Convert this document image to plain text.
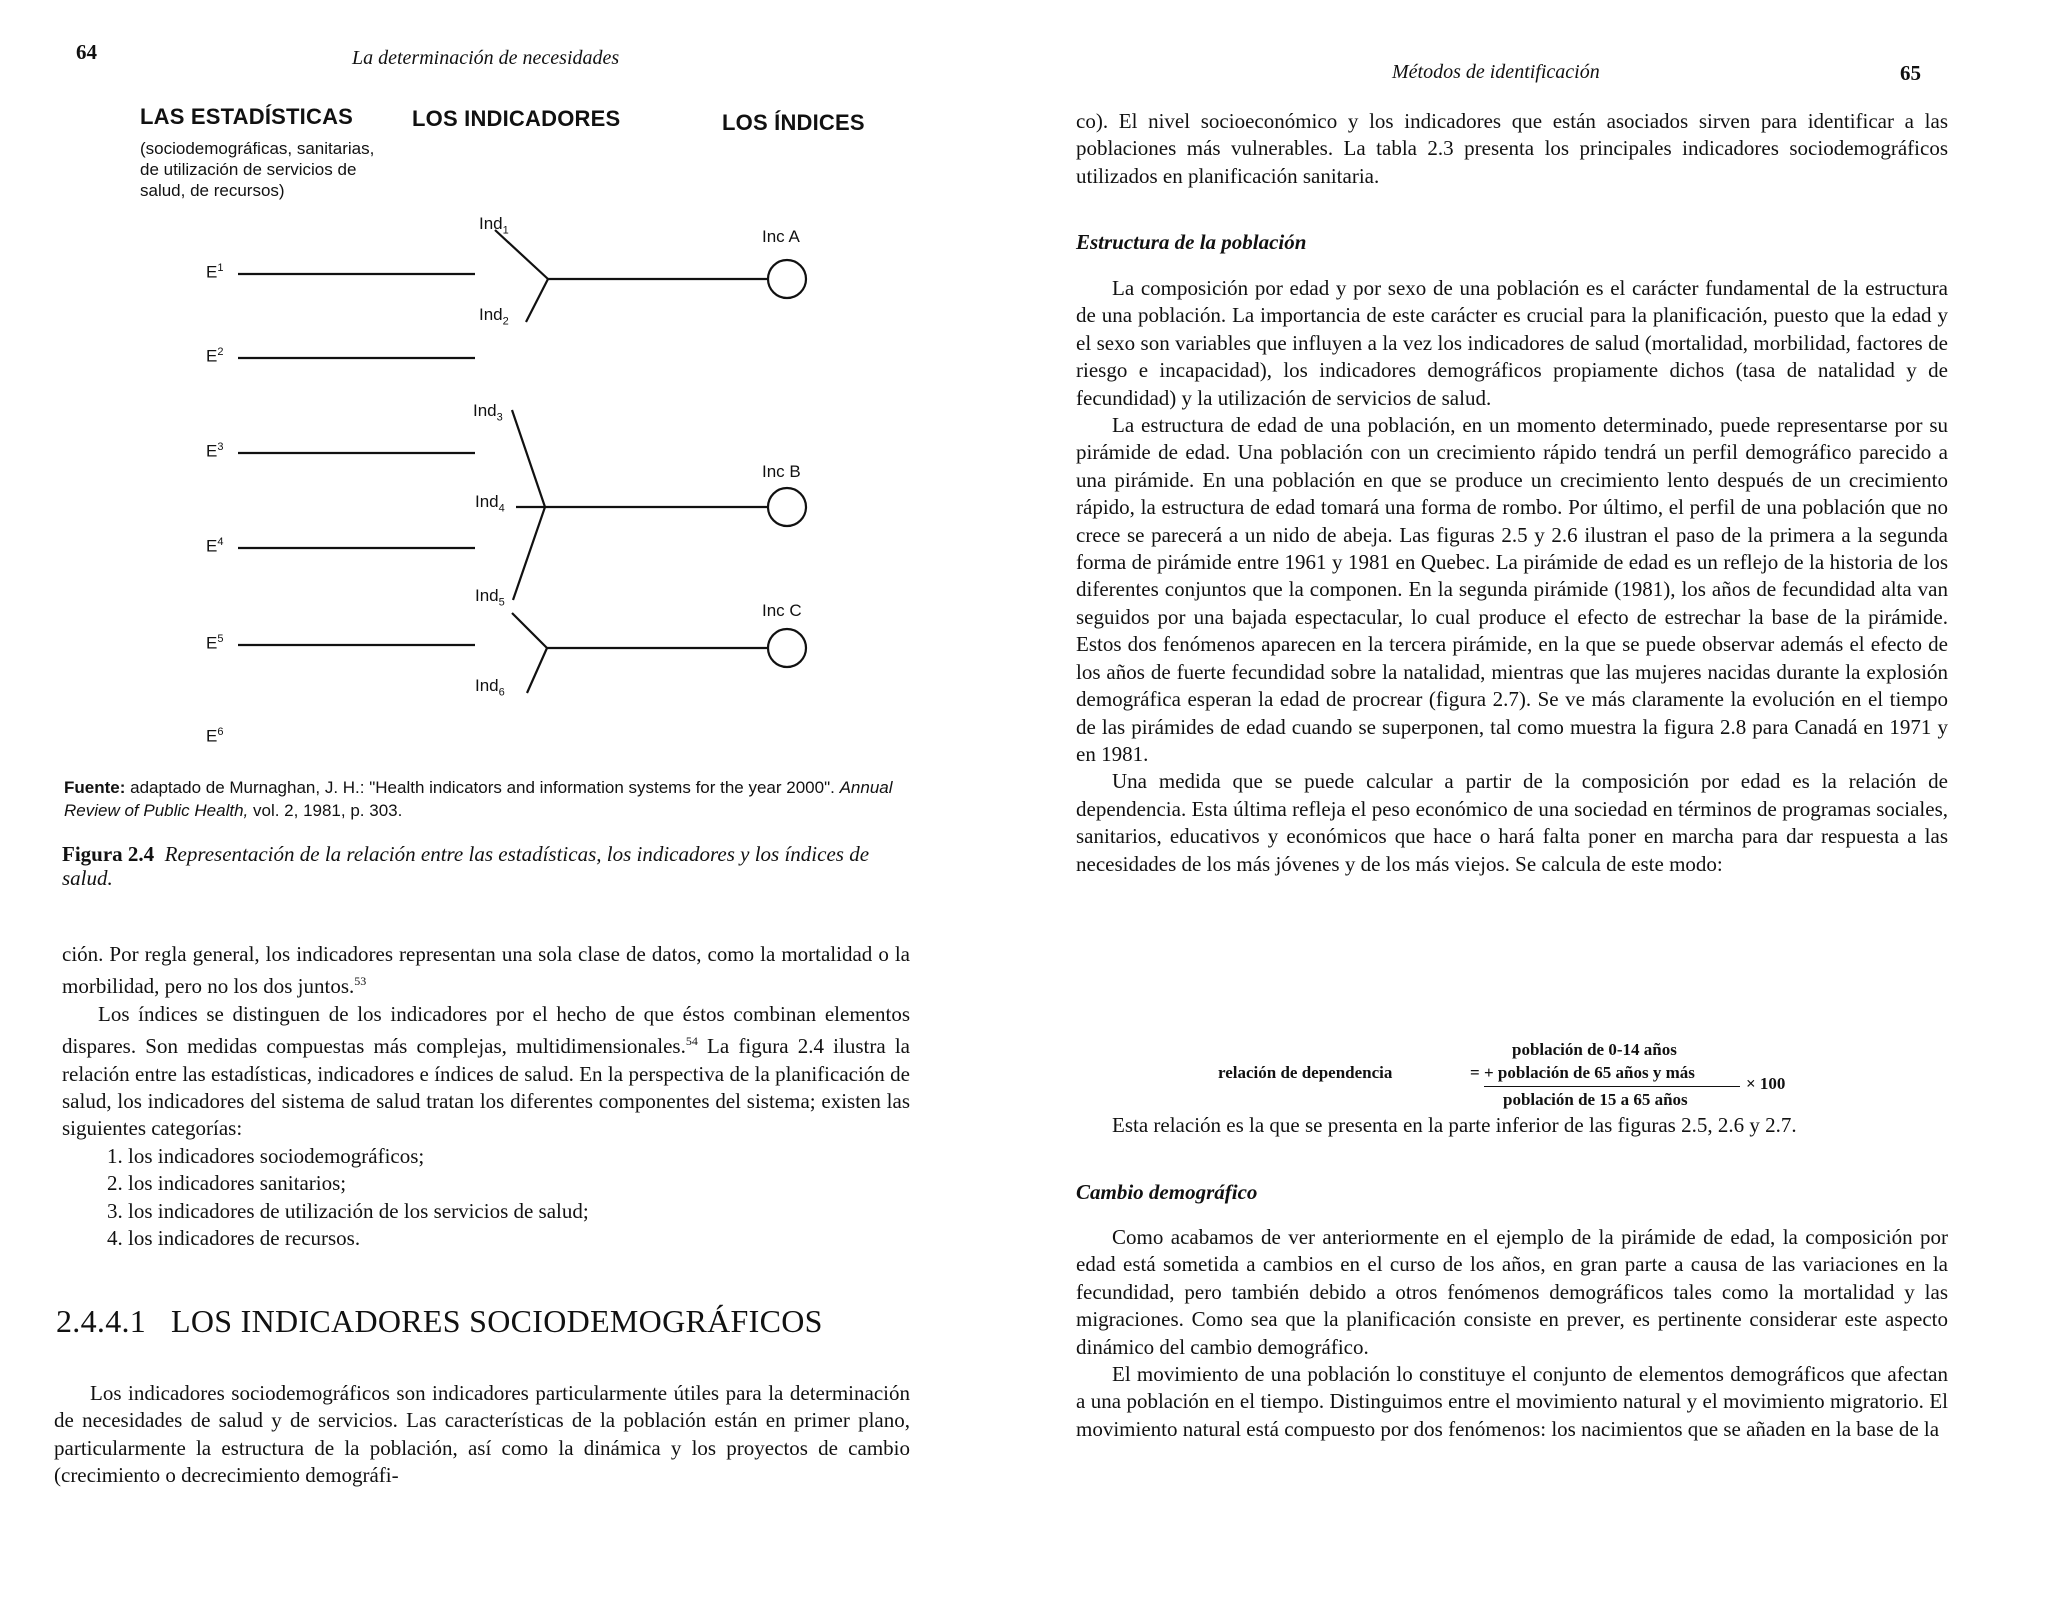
64	La determinación de necesidades
LAS ESTADÍSTICAS
(sociodemográficas, sanitarias, de utilización de servicios de salud, de recursos)
LOS INDICADORES	LOS ÍNDICES
$E^1$
$E^2$
$E^3$
$E^4$
$E^5$
$E^6$
Ind$_1$
Ind$_2$
Ind$_3$
Ind$_4$
Ind$_5$
Ind$_6$
Inc A
Inc B
Inc C
Fuente: adaptado de Murnaghan, J. H.: "Health indicators and information systems for the year 2000". Annual Review of Public Health, vol. 2, 1981, p. 303.
Figura 2.4 Representación de la relación entre las estadísticas, los indicadores y los índices de salud.

ción. Por regla general, los indicadores representan una sola clase de datos, como la mortalidad o la morbilidad, pero no los dos juntos.$^{53}$

Los índices se distinguen de los indicadores por el hecho de que éstos combinan elementos dispares. Son medidas compuestas más complejas, multidimensionales.$^{54}$ La figura 2.4 ilustra la relación entre las estadísticas, indicadores e índices de salud. En la perspectiva de la planificación de salud, los indicadores del sistema de salud tratan los diferentes componentes del sistema; existen las siguientes categorías:

1. los indicadores sociodemográficos;
2. los indicadores sanitarios;
3. los indicadores de utilización de los servicios de salud;
4. los indicadores de recursos.
2.4.4.1 LOS INDICADORES SOCIODEMOGRÁFICOS

Los indicadores sociodemográficos son indicadores particularmente útiles para la determinación de necesidades de salud y de servicios. Las características de la población están en primer plano, particularmente la estructura de la población, así como la dinámica y los proyectos de cambio (crecimiento o decrecimiento demográfi-

Métodos de identificación	65

co). El nivel socioeconómico y los indicadores que están asociados sirven para identificar a las poblaciones más vulnerables. La tabla 2.3 presenta los principales indicadores sociodemográficos utilizados en planificación sanitaria.

Estructura de la población

La composición por edad y por sexo de una población es el carácter fundamental de la estructura de una población. La importancia de este carácter es crucial para la planificación, puesto que la edad y el sexo son variables que influyen a la vez los indicadores de salud (mortalidad, morbilidad, factores de riesgo e incapacidad), los indicadores demográficos propiamente dichos (tasa de natalidad y de fecundidad) y la utilización de servicios de salud.

La estructura de edad de una población, en un momento determinado, puede representarse por su pirámide de edad. Una población con un crecimiento rápido tendrá un perfil demográfico parecido a una pirámide. En una población en que se produce un crecimiento lento después de un crecimiento rápido, la estructura de edad tomará una forma de rombo. Por último, el perfil de una población que no crece se parecerá a un nido de abeja. Las figuras 2.5 y 2.6 ilustran el paso de la primera a la segunda forma de pirámide entre 1961 y 1981 en Quebec. La pirámide de edad es un reflejo de la historia de los diferentes conjuntos que la componen. En la segunda pirámide (1981), los años de fecundidad alta van seguidos por una bajada espectacular, lo cual produce el efecto de estrechar la base de la pirámide. Estos dos fenómenos aparecen en la tercera pirámide, en la que se puede observar además el efecto de los años de fuerte fecundidad sobre la natalidad, mientras que las mujeres nacidas durante la explosión demográfica esperan la edad de procrear (figura 2.7). Se ve más claramente la evolución en el tiempo de las pirámides de edad cuando se superponen, tal como muestra la figura 2.8 para Canadá en 1971 y en 1981.

Una medida que se puede calcular a partir de la composición por edad es la relación de dependencia. Esta última refleja el peso económico de una sociedad en términos de programas sociales, sanitarios, educativos y económicos que hace o hará falta poner en marcha para dar respuesta a las necesidades de los más jóvenes y de los más viejos. Se calcula de este modo:

relación de dependencia	=
población de 0-14 años
+ población de 65 años y más
población de 15 a 65 años
× 100

Esta relación es la que se presenta en la parte inferior de las figuras 2.5, 2.6 y 2.7.

Cambio demográfico

Como acabamos de ver anteriormente en el ejemplo de la pirámide de edad, la composición por edad está sometida a cambios en el curso de los años, en gran parte a causa de las variaciones en la fecundidad, pero también debido a otros fenómenos demográficos tales como la mortalidad y las migraciones. Como sea que la planificación consiste en prever, es pertinente considerar este aspecto dinámico del cambio demográfico.

El movimiento de una población lo constituye el conjunto de elementos demográficos que afectan a una población en el tiempo. Distinguimos entre el movimiento natural y el movimiento migratorio. El movimiento natural está compuesto por dos fenómenos: los nacimientos que se añaden en la base de la
